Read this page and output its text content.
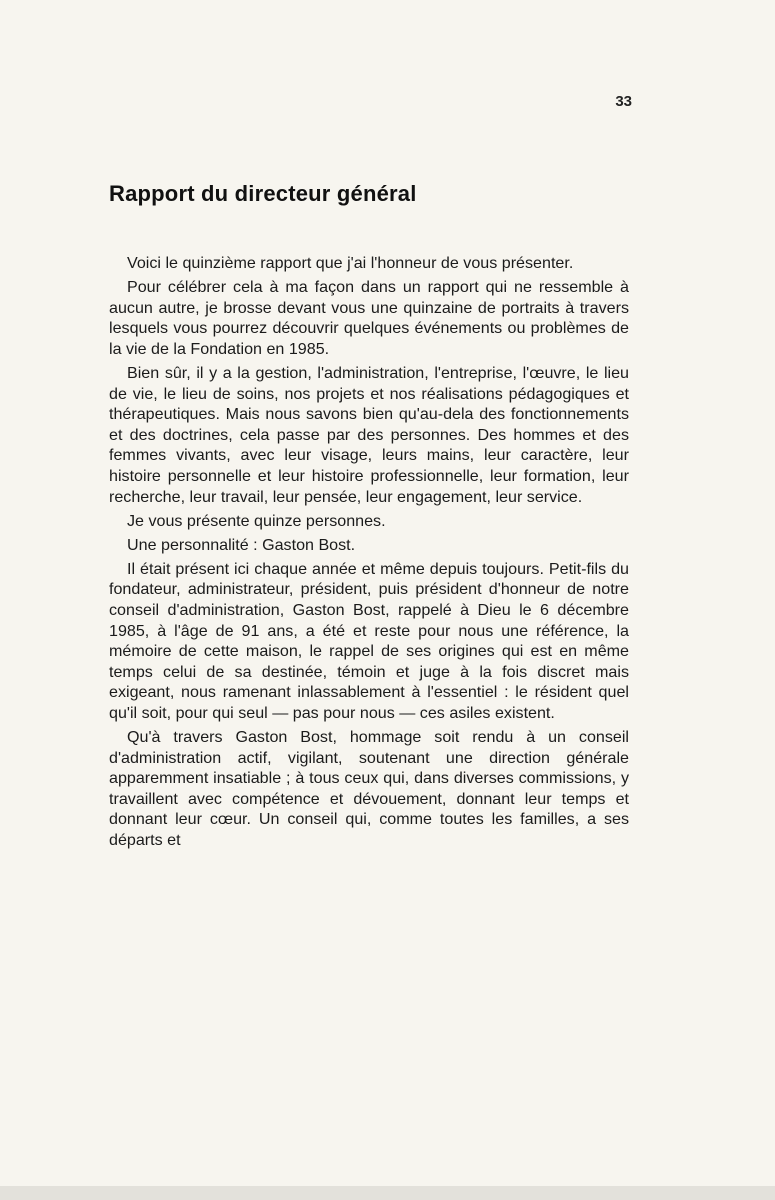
33
Rapport du directeur général

Voici le quinzième rapport que j'ai l'honneur de vous présenter.

Pour célébrer cela à ma façon dans un rapport qui ne ressemble à aucun autre, je brosse devant vous une quinzaine de portraits à travers lesquels vous pourrez découvrir quelques événements ou problèmes de la vie de la Fondation en 1985.

Bien sûr, il y a la gestion, l'administration, l'entreprise, l'œuvre, le lieu de vie, le lieu de soins, nos projets et nos réalisations pédagogiques et thérapeutiques. Mais nous savons bien qu'au-dela des fonctionnements et des doctrines, cela passe par des personnes. Des hommes et des femmes vivants, avec leur visage, leurs mains, leur caractère, leur histoire personnelle et leur histoire professionnelle, leur formation, leur recherche, leur travail, leur pensée, leur engagement, leur service.

Je vous présente quinze personnes.

Une personnalité : Gaston Bost.

Il était présent ici chaque année et même depuis toujours. Petit-fils du fondateur, administrateur, président, puis président d'honneur de notre conseil d'administration, Gaston Bost, rappelé à Dieu le 6 décembre 1985, à l'âge de 91 ans, a été et reste pour nous une référence, la mémoire de cette maison, le rappel de ses origines qui est en même temps celui de sa destinée, témoin et juge à la fois discret mais exigeant, nous ramenant inlassablement à l'essentiel : le résident quel qu'il soit, pour qui seul — pas pour nous — ces asiles existent.

Qu'à travers Gaston Bost, hommage soit rendu à un conseil d'administration actif, vigilant, soutenant une direction générale apparemment insatiable ; à tous ceux qui, dans diverses commissions, y travaillent avec compétence et dévouement, donnant leur temps et donnant leur cœur. Un conseil qui, comme toutes les familles, a ses départs et
